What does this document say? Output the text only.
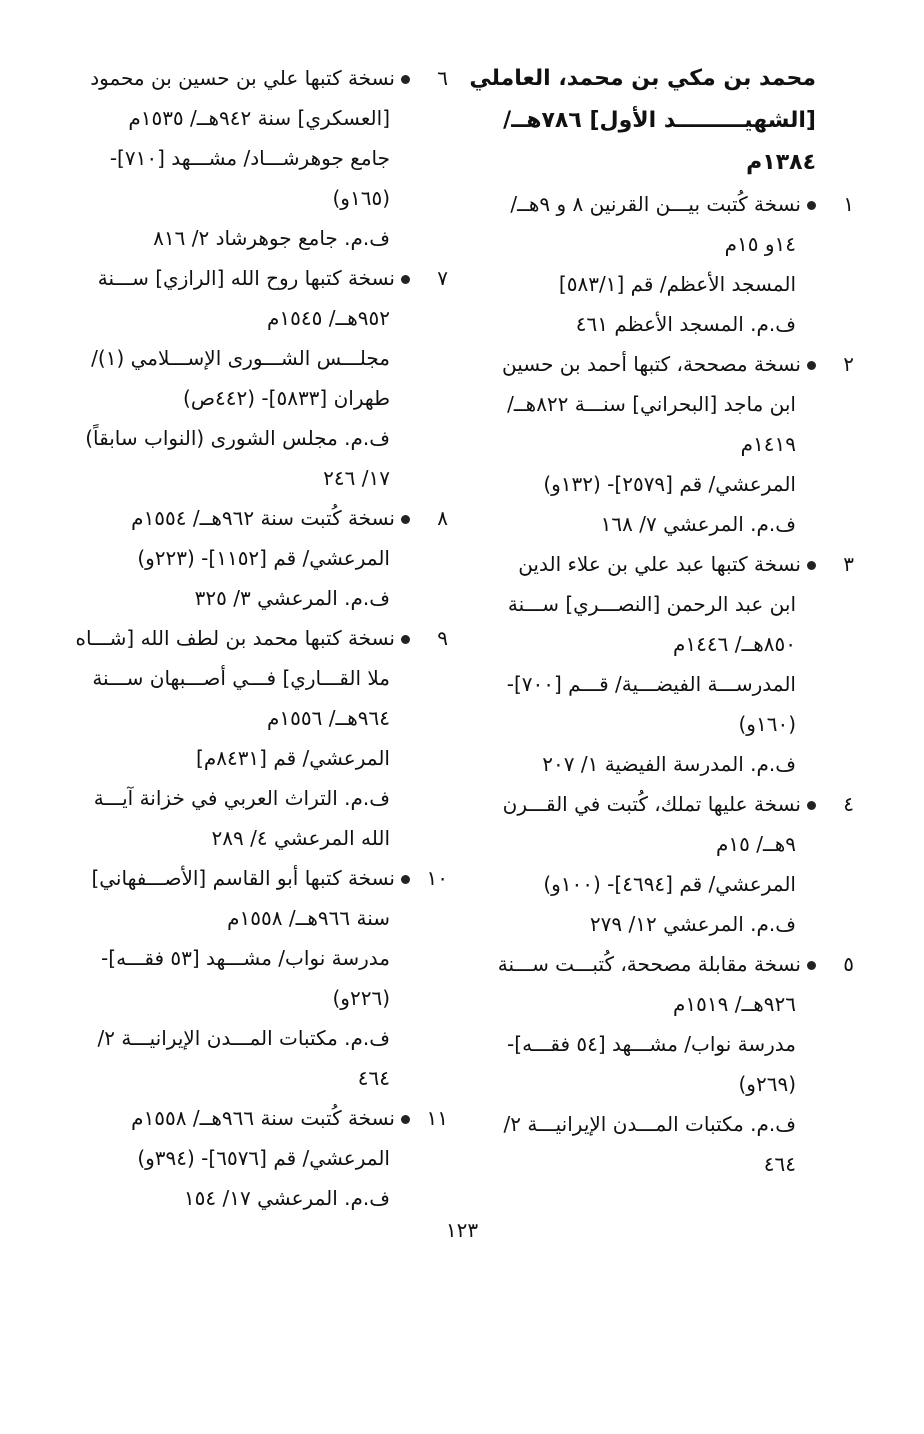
محمد بن مكي بن محمد، العاملي
[الشهيـــــــــد الأول] ٧٨٦هــ/
١٣٨٤م
١
نسخة كُتبت بيـــن القرنين ٨ و ٩هــ/
١٤و ١٥م
المسجد الأعظم/ قم [٥٨٣/١]
ف.م. المسجد الأعظم ٤٦١
٢
نسخة مصححة، كتبها أحمد بن حسين
ابن ماجد [البحراني] سنـــة ٨٢٢هــ/
١٤١٩م
المرعشي/ قم [٢٥٧٩]- (١٣٢و)
ف.م. المرعشي ٧/ ١٦٨
٣
نسخة كتبها عبد علي بن علاء الدين
ابن عبد الرحمن [النصـــري] ســـنة
٨٥٠هــ/ ١٤٤٦م
المدرســـة الفيضـــية/ قـــم [٧٠٠]-
(١٦٠و)
ف.م. المدرسة الفيضية ١/ ٢٠٧
٤
نسخة عليها تملك، كُتبت في القـــرن
٩هــ/ ١٥م
المرعشي/ قم [٤٦٩٤]- (١٠٠و)
ف.م. المرعشي ١٢/ ٢٧٩
٥
نسخة مقابلة مصححة، كُتبـــت ســـنة
٩٢٦هــ/ ١٥١٩م
مدرسة نواب/ مشـــهد [٥٤ فقـــه]-
(٢٦٩و)
ف.م. مكتبات المـــدن الإيرانيـــة ٢/
٤٦٤
٦
نسخة كتبها علي بن حسين بن محمود
[العسكري] سنة ٩٤٢هــ/ ١٥٣٥م
جامع جوهرشـــاد/ مشـــهد [٧١٠]-
(١٦٥و)
ف.م. جامع جوهرشاد ٢/ ٨١٦
٧
نسخة كتبها روح الله [الرازي] ســـنة
٩٥٢هــ/ ١٥٤٥م
مجلـــس الشـــورى الإســـلامي (١)/
طهران [٥٨٣٣]- (٤٤٢ص)
ف.م. مجلس الشورى (النواب سابقاً)
١٧/ ٢٤٦
٨
نسخة كُتبت سنة ٩٦٢هــ/ ١٥٥٤م
المرعشي/ قم [١١٥٢]- (٢٢٣و)
ف.م. المرعشي ٣/ ٣٢٥
٩
نسخة كتبها محمد بن لطف الله [شـــاه
ملا القـــاري] فـــي أصـــبهان ســـنة
٩٦٤هــ/ ١٥٥٦م
المرعشي/ قم [٨٤٣١م]
ف.م. التراث العربي في خزانة آيـــة
الله المرعشي ٤/ ٢٨٩
١٠
نسخة كتبها أبو القاسم [الأصـــفهاني]
سنة ٩٦٦هــ/ ١٥٥٨م
مدرسة نواب/ مشـــهد [٥٣ فقـــه]-
(٢٢٦و)
ف.م. مكتبات المـــدن الإيرانيـــة ٢/
٤٦٤
١١
نسخة كُتبت سنة ٩٦٦هــ/ ١٥٥٨م
المرعشي/ قم [٦٥٧٦]- (٣٩٤و)
ف.م. المرعشي ١٧/ ١٥٤
١٢٣
